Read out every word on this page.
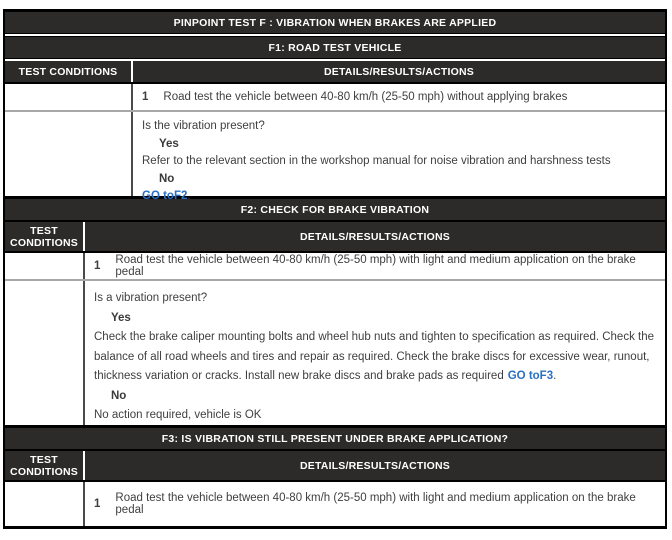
PINPOINT TEST F : VIBRATION WHEN BRAKES ARE APPLIED
F1: ROAD TEST VEHICLE
TEST CONDITIONS	DETAILS/RESULTS/ACTIONS
1 Road test the vehicle between 40-80 km/h (25-50 mph) without applying brakes
Is the vibration present?
Yes
Refer to the relevant section in the workshop manual for noise vibration and harshness tests
No
GO toF2.
F2: CHECK FOR BRAKE VIBRATION
TEST CONDITIONS	DETAILS/RESULTS/ACTIONS
1 Road test the vehicle between 40-80 km/h (25-50 mph) with light and medium application on the brake pedal
Is a vibration present?
Yes
Check the brake caliper mounting bolts and wheel hub nuts and tighten to specification as required. Check the balance of all road wheels and tires and repair as required. Check the brake discs for excessive wear, runout, thickness variation or cracks. Install new brake discs and brake pads as required GO toF3.
No
No action required, vehicle is OK
F3: IS VIBRATION STILL PRESENT UNDER BRAKE APPLICATION?
TEST CONDITIONS	DETAILS/RESULTS/ACTIONS
1 Road test the vehicle between 40-80 km/h (25-50 mph) with light and medium application on the brake pedal
